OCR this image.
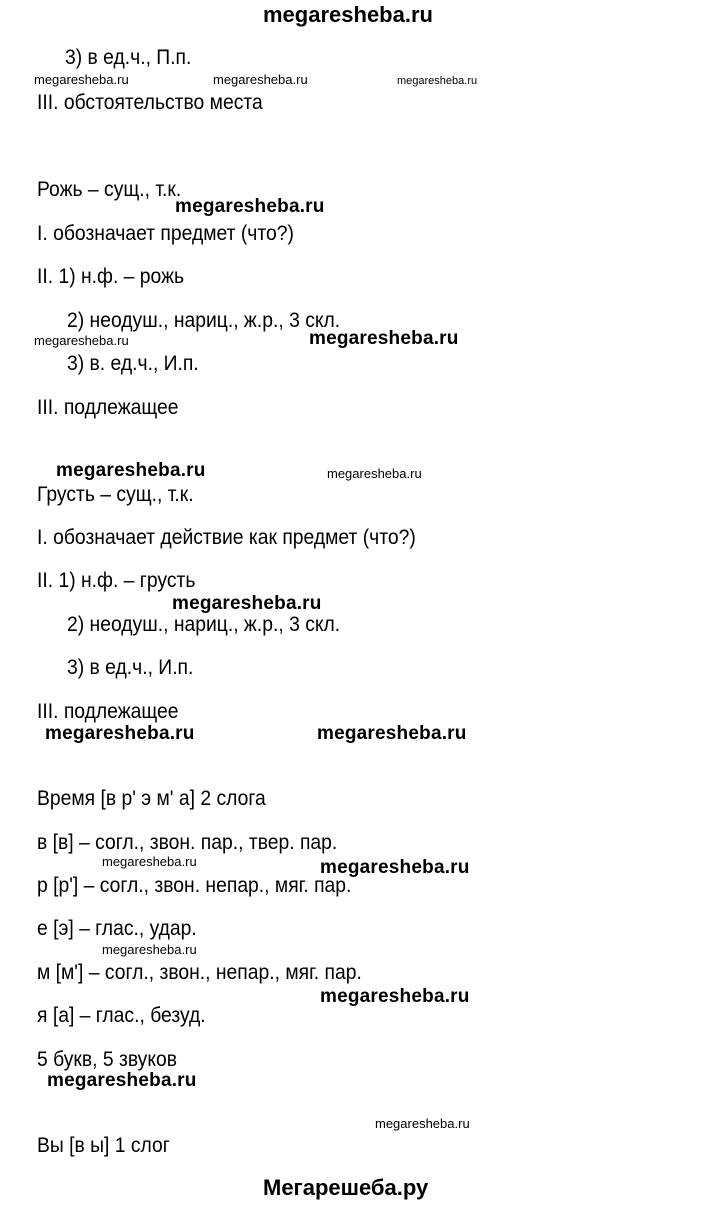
megaresheba.ru
3) в ед.ч., П.п.
III. обстоятельство места
Рожь – сущ., т.к.
I. обозначает предмет (что?)
II. 1) н.ф. – рожь
2) неодуш., нариц., ж.р., 3 скл.
3) в. ед.ч., И.п.
III. подлежащее
Грусть – сущ., т.к.
I. обозначает действие как предмет (что?)
II. 1) н.ф. – грусть
2) неодуш., нариц., ж.р., 3 скл.
3) в ед.ч., И.п.
III. подлежащее
Время [в р' э м' а] 2 слога
в [в] – согл., звон. пар., твер. пар.
р [р'] – согл., звон. непар., мяг. пар.
е [э] – глас., удар.
м [м'] – согл., звон., непар., мяг. пар.
я [а] – глас., безуд.
5 букв, 5 звуков
Вы [в ы] 1 слог
megaresheba.ru	megaresheba.ru	megaresheba.ru
megaresheba.ru
megaresheba.ru	megaresheba.ru
megaresheba.ru	megaresheba.ru
megaresheba.ru
megaresheba.ru	megaresheba.ru
megaresheba.ru	megaresheba.ru
megaresheba.ru
megaresheba.ru
megaresheba.ru
megaresheba.ru
Мегарешеба.ру
